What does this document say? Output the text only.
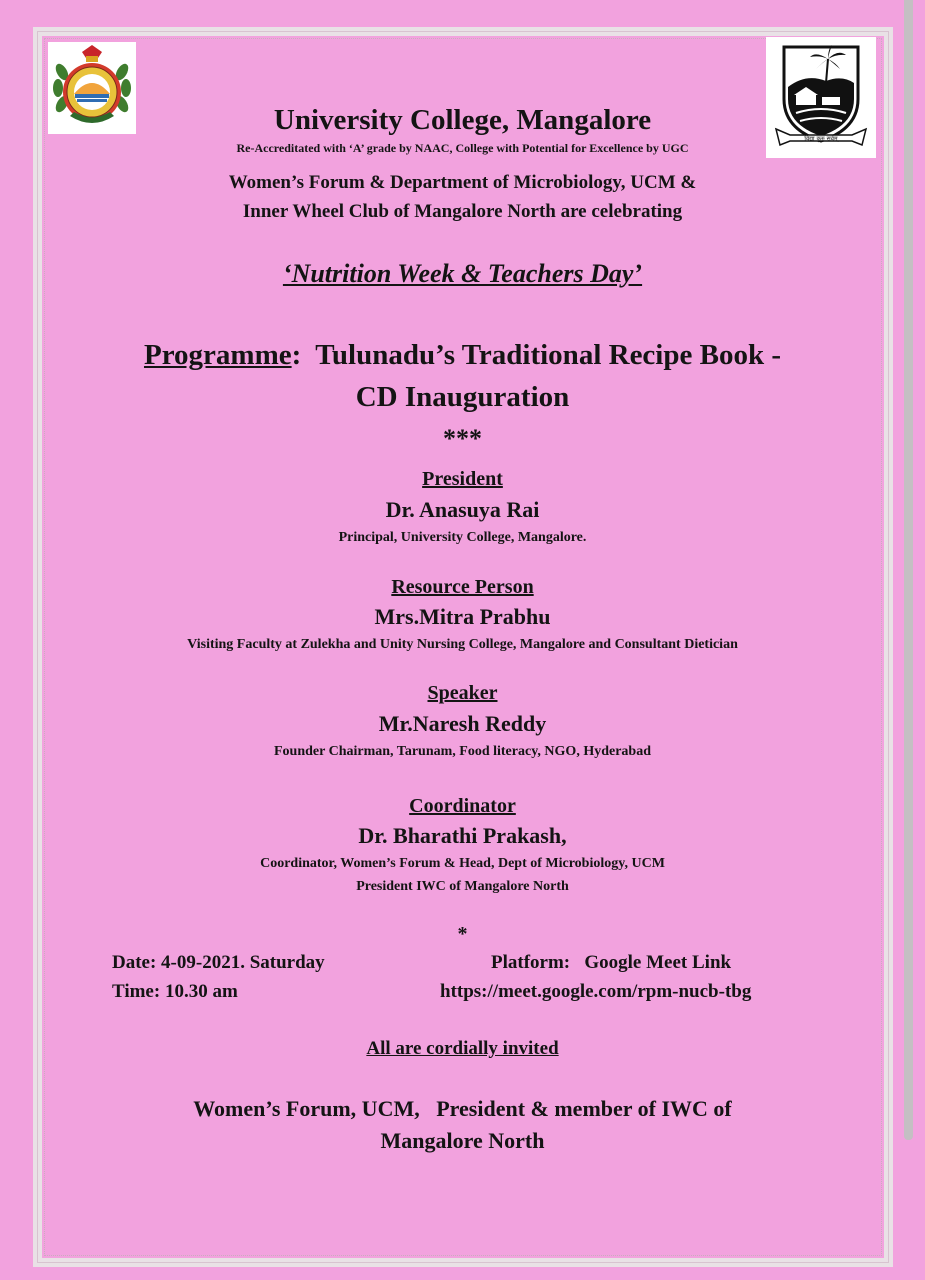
विद्या कुरु सर्वम्
University College, Mangalore
Re-Accreditated with ‘A’ grade by NAAC, College with Potential for Excellence by UGC
Women’s Forum & Department of Microbiology, UCM &
Inner Wheel Club of Mangalore North are celebrating
‘Nutrition Week & Teachers Day’
Programme:  Tulunadu’s Traditional Recipe Book -
CD Inauguration
***
President
Dr. Anasuya Rai
Principal, University College, Mangalore.
Resource Person
Mrs.Mitra Prabhu
Visiting Faculty at Zulekha and Unity Nursing College, Mangalore and Consultant Dietician
Speaker
Mr.Naresh Reddy
Founder Chairman, Tarunam, Food literacy, NGO, Hyderabad
Coordinator
Dr. Bharathi Prakash,
Coordinator, Women’s Forum & Head, Dept of Microbiology, UCM
President IWC of Mangalore North
*
Date: 4-09-2021. Saturday
Time: 10.30 am
Platform:   Google Meet Link
https://meet.google.com/rpm-nucb-tbg
All are cordially invited
Women’s Forum, UCM,   President & member of IWC of
Mangalore North
